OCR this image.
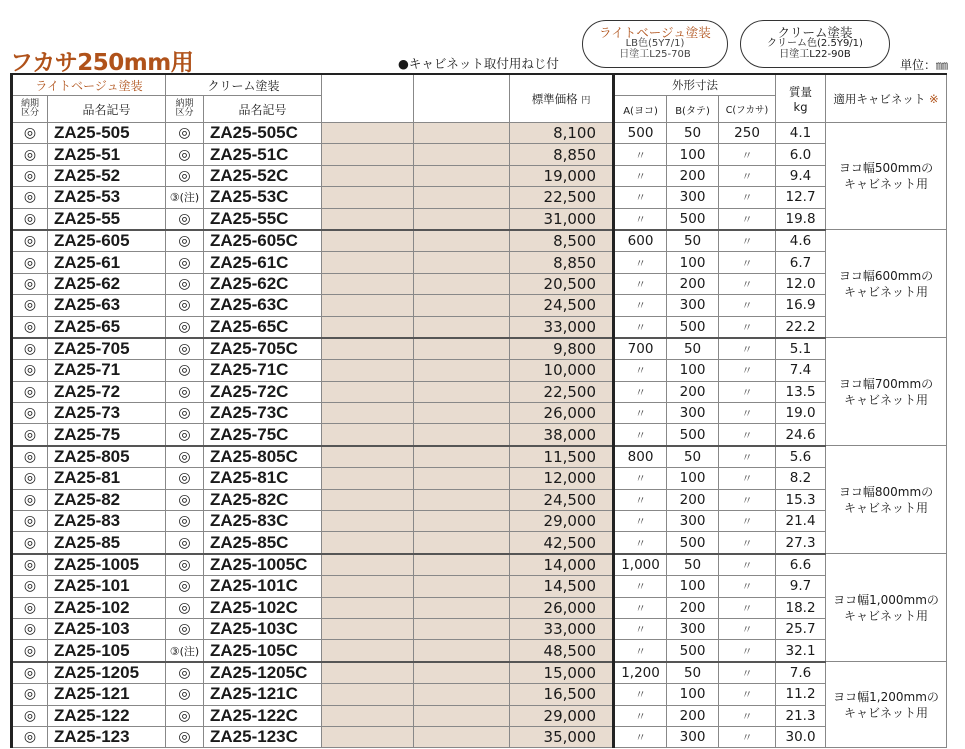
フカサ250mm用	●キャビネット取付用ねじ付	単位：㎜
ライトベージュ塗装
LB色(5Y7/1)
日塗工L25-70B
クリーム塗装
クリーム色(2.5Y9/1)
日塗工L22-90B
ライトベージュ塗装		クリーム塗装				標準価格 円	外形寸法			質量
kg	適用キャビネット ※
納期
区分	品名記号	納期
区分	品名記号				A(ヨコ)	B(タテ)	C(フカサ)		
◎	ZA25-505	◎	ZA25-505C			8,100	500	50	250	4.1	ヨコ幅500mmの
キャビネット用
◎	ZA25-51	◎	ZA25-51C			8,850	〃	100	〃	6.0	
◎	ZA25-52	◎	ZA25-52C			19,000	〃	200	〃	9.4	
◎	ZA25-53	③(注)	ZA25-53C			22,500	〃	300	〃	12.7	
◎	ZA25-55	◎	ZA25-55C			31,000	〃	500	〃	19.8	
◎	ZA25-605	◎	ZA25-605C			8,500	600	50	〃	4.6	ヨコ幅600mmの
キャビネット用
◎	ZA25-61	◎	ZA25-61C			8,850	〃	100	〃	6.7	
◎	ZA25-62	◎	ZA25-62C			20,500	〃	200	〃	12.0	
◎	ZA25-63	◎	ZA25-63C			24,500	〃	300	〃	16.9	
◎	ZA25-65	◎	ZA25-65C			33,000	〃	500	〃	22.2	
◎	ZA25-705	◎	ZA25-705C			9,800	700	50	〃	5.1	ヨコ幅700mmの
キャビネット用
◎	ZA25-71	◎	ZA25-71C			10,000	〃	100	〃	7.4	
◎	ZA25-72	◎	ZA25-72C			22,500	〃	200	〃	13.5	
◎	ZA25-73	◎	ZA25-73C			26,000	〃	300	〃	19.0	
◎	ZA25-75	◎	ZA25-75C			38,000	〃	500	〃	24.6	
◎	ZA25-805	◎	ZA25-805C			11,500	800	50	〃	5.6	ヨコ幅800mmの
キャビネット用
◎	ZA25-81	◎	ZA25-81C			12,000	〃	100	〃	8.2	
◎	ZA25-82	◎	ZA25-82C			24,500	〃	200	〃	15.3	
◎	ZA25-83	◎	ZA25-83C			29,000	〃	300	〃	21.4	
◎	ZA25-85	◎	ZA25-85C			42,500	〃	500	〃	27.3	
◎	ZA25-1005	◎	ZA25-1005C			14,000	1,000	50	〃	6.6	ヨコ幅1,000mmの
キャビネット用
◎	ZA25-101	◎	ZA25-101C			14,500	〃	100	〃	9.7	
◎	ZA25-102	◎	ZA25-102C			26,000	〃	200	〃	18.2	
◎	ZA25-103	◎	ZA25-103C			33,000	〃	300	〃	25.7	
◎	ZA25-105	③(注)	ZA25-105C			48,500	〃	500	〃	32.1	
◎	ZA25-1205	◎	ZA25-1205C			15,000	1,200	50	〃	7.6	ヨコ幅1,200mmの
キャビネット用
◎	ZA25-121	◎	ZA25-121C			16,500	〃	100	〃	11.2	
◎	ZA25-122	◎	ZA25-122C			29,000	〃	200	〃	21.3	
◎	ZA25-123	◎	ZA25-123C			35,000	〃	300	〃	30.0	
